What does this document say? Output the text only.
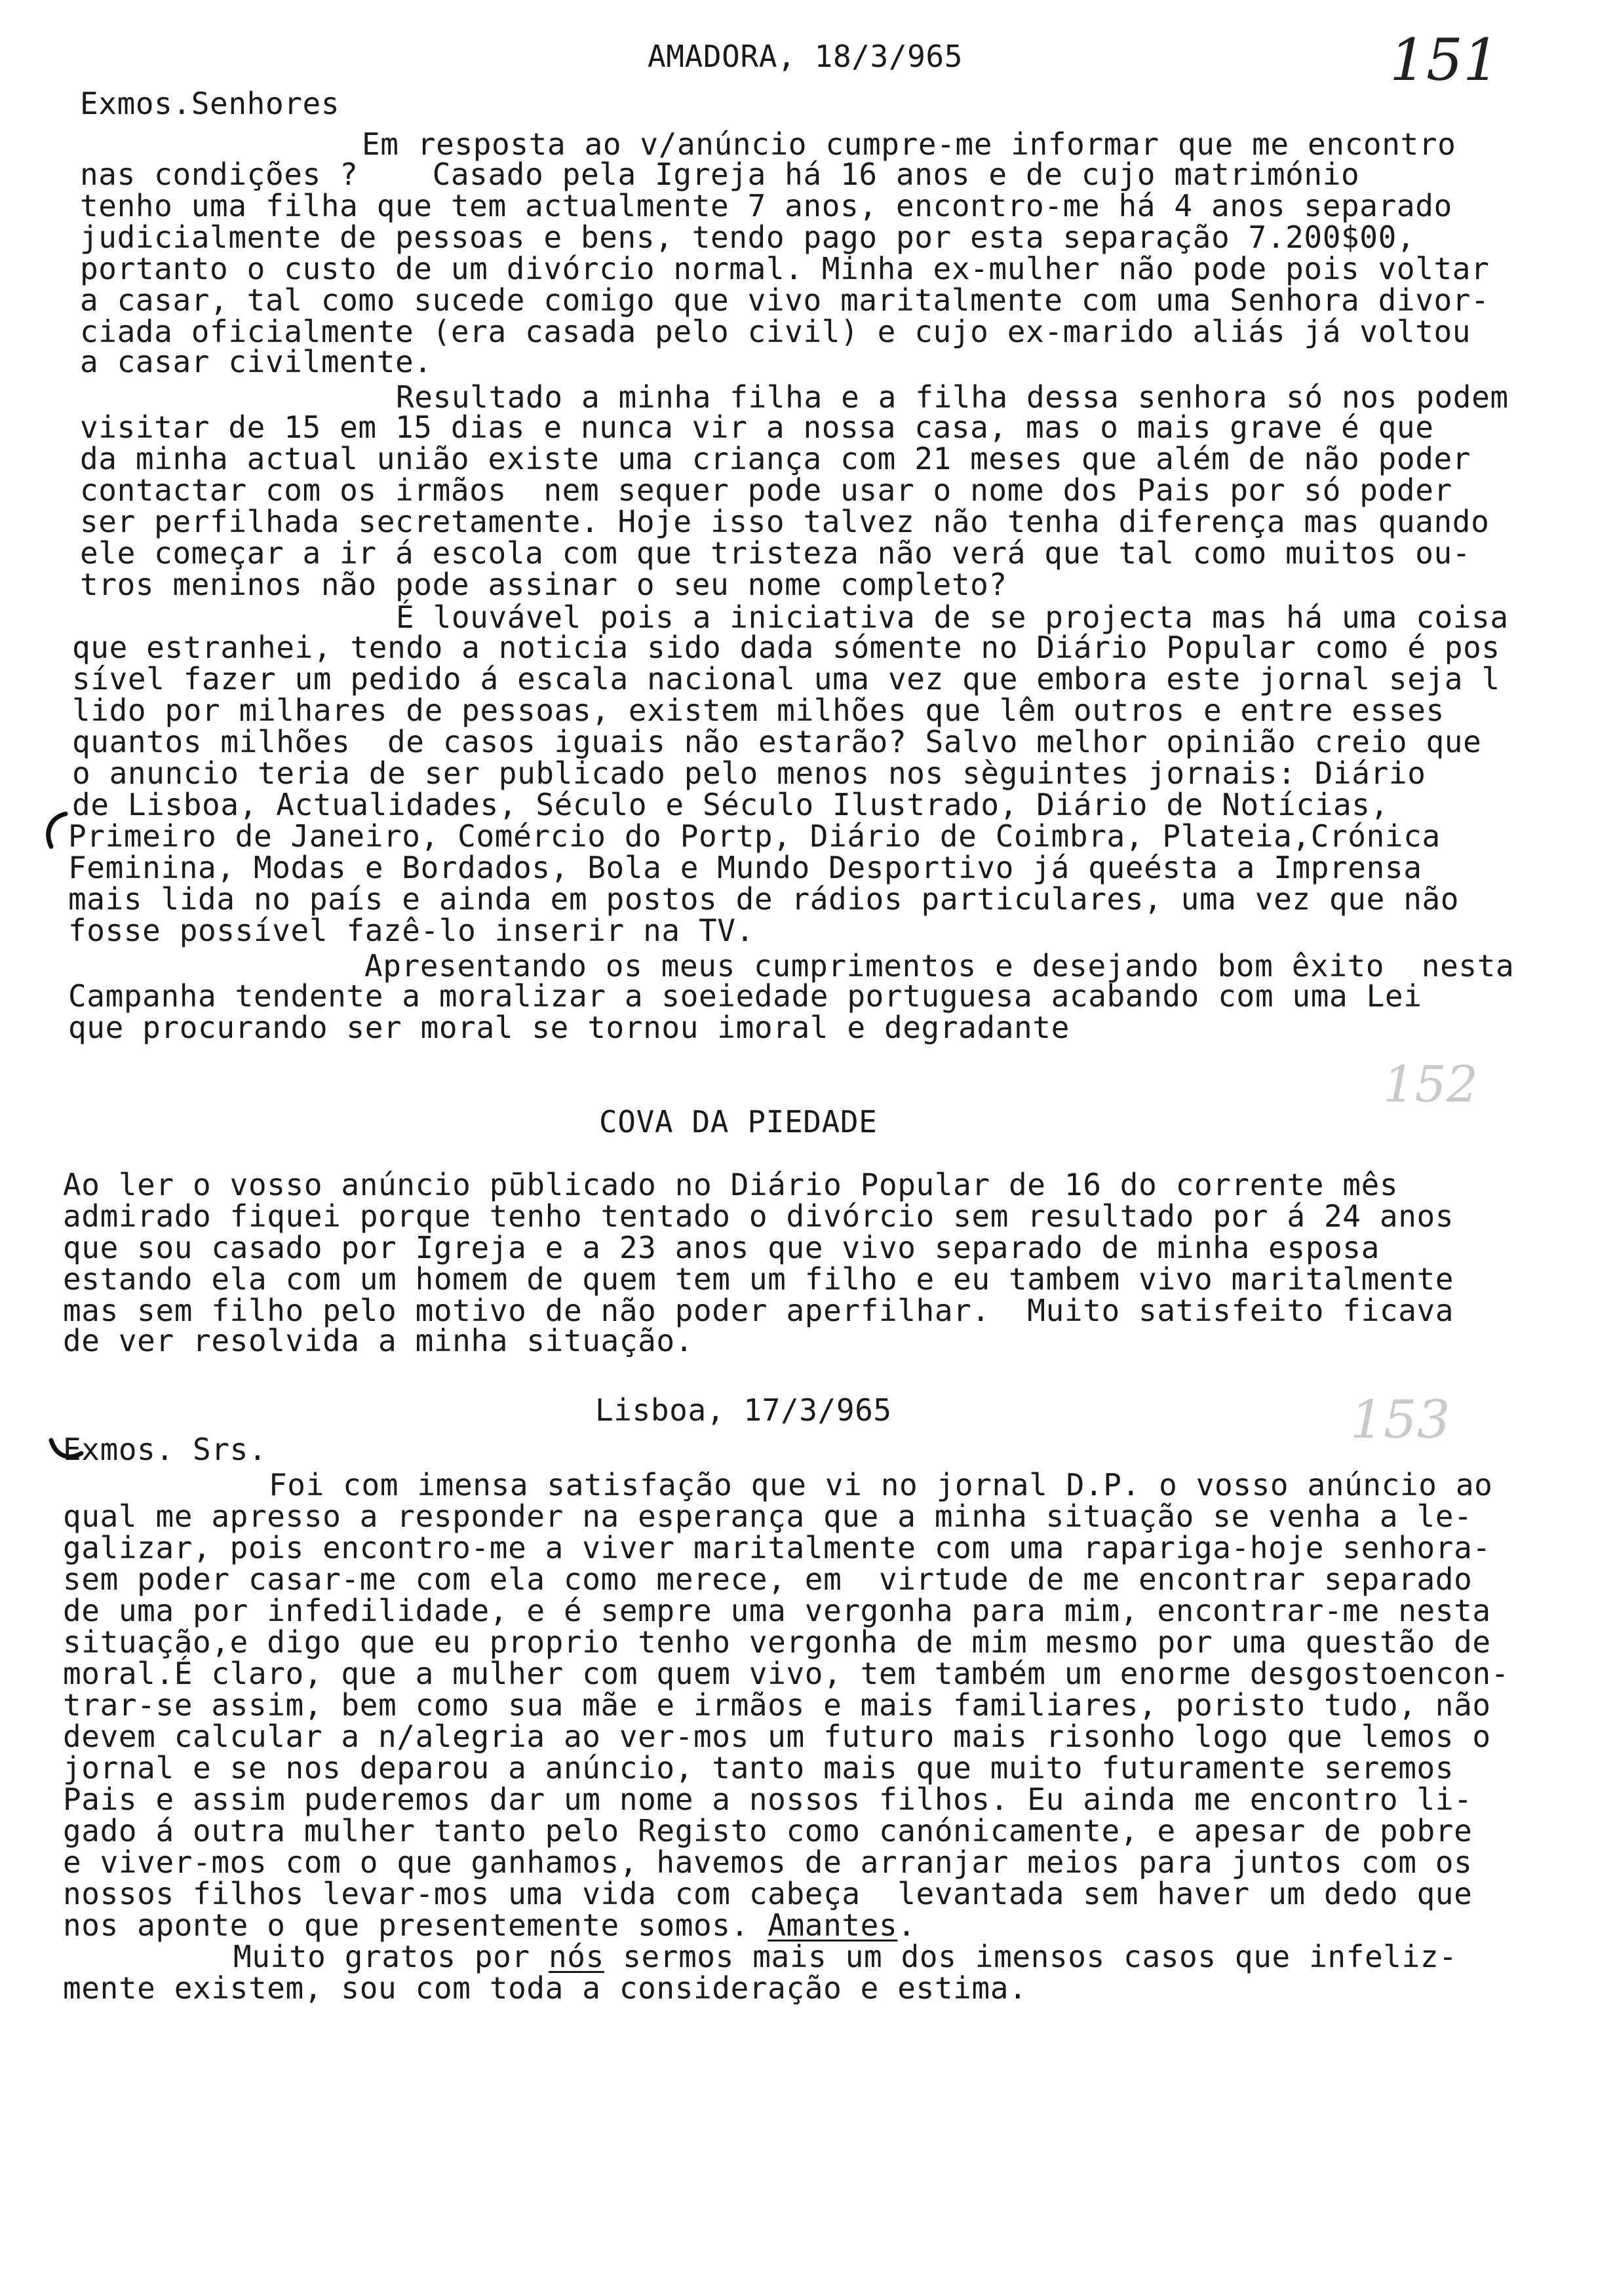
AMADORA, 18/3/965	151
Exmos.Senhores
Em resposta ao v/anúncio cumpre-me informar que me encontro
nas condições ?    Casado pela Igreja há 16 anos e de cujo matrimónio
tenho uma filha que tem actualmente 7 anos, encontro-me há 4 anos separado
judicialmente de pessoas e bens, tendo pago por esta separação 7.200$00,
portanto o custo de um divórcio normal. Minha ex-mulher não pode pois voltar
a casar, tal como sucede comigo que vivo maritalmente com uma Senhora divor-
ciada oficialmente (era casada pelo civil) e cujo ex-marido aliás já voltou
a casar civilmente.
Resultado a minha filha e a filha dessa senhora só nos podem
visitar de 15 em 15 dias e nunca vir a nossa casa, mas o mais grave é que
da minha actual união existe uma criança com 21 meses que além de não poder
contactar com os irmãos  nem sequer pode usar o nome dos Pais por só poder
ser perfilhada secretamente. Hoje isso talvez não tenha diferença mas quando
ele começar a ir á escola com que tristeza não verá que tal como muitos ou-
tros meninos não pode assinar o seu nome completo?
É louvável pois a iniciativa de se projecta mas há uma coisa
que estranhei, tendo a noticia sido dada sómente no Diário Popular como é pos
sível fazer um pedido á escala nacional uma vez que embora este jornal seja l
lido por milhares de pessoas, existem milhões que lêm outros e entre esses
quantos milhões  de casos iguais não estarão? Salvo melhor opinião creio que
o anuncio teria de ser publicado pelo menos nos sèguintes jornais: Diário
de Lisboa, Actualidades, Século e Século Ilustrado, Diário de Notícias,
Primeiro de Janeiro, Comércio do Portp, Diário de Coimbra, Plateia,Crónica
Feminina, Modas e Bordados, Bola e Mundo Desportivo já queésta a Imprensa
mais lida no país e ainda em postos de rádios particulares, uma vez que não
fosse possível fazê-lo inserir na TV.
Apresentando os meus cumprimentos e desejando bom êxito  nesta
Campanha tendente a moralizar a soeiedade portuguesa acabando com uma Lei
que procurando ser moral se tornou imoral e degradante
152
COVA DA PIEDADE
Ao ler o vosso anúncio pūblicado no Diário Popular de 16 do corrente mês
admirado fiquei porque tenho tentado o divórcio sem resultado por á 24 anos
que sou casado por Igreja e a 23 anos que vivo separado de minha esposa
estando ela com um homem de quem tem um filho e eu tambem vivo maritalmente
mas sem filho pelo motivo de não poder aperfilhar.  Muito satisfeito ficava
de ver resolvida a minha situação.
Lisboa, 17/3/965	153
Exmos. Srs.
Foi com imensa satisfação que vi no jornal D.P. o vosso anúncio ao
qual me apresso a responder na esperança que a minha situação se venha a le-
galizar, pois encontro-me a viver maritalmente com uma rapariga-hoje senhora-
sem poder casar-me com ela como merece, em  virtude de me encontrar separado
de uma por infedilidade, e é sempre uma vergonha para mim, encontrar-me nesta
situação,e digo que eu proprio tenho vergonha de mim mesmo por uma questão de
moral.É claro, que a mulher com quem vivo, tem também um enorme desgostoencon-
trar-se assim, bem como sua mãe e irmãos e mais familiares, poristo tudo, não
devem calcular a n/alegria ao ver-mos um futuro mais risonho logo que lemos o
jornal e se nos deparou a anúncio, tanto mais que muito futuramente seremos
Pais e assim puderemos dar um nome a nossos filhos. Eu ainda me encontro li-
gado á outra mulher tanto pelo Registo como canónicamente, e apesar de pobre
e viver-mos com o que ganhamos, havemos de arranjar meios para juntos com os
nossos filhos levar-mos uma vida com cabeça  levantada sem haver um dedo que
nos aponte o que presentemente somos. Amantes.
Muito gratos por nós sermos mais um dos imensos casos que infeliz-
mente existem, sou com toda a consideração e estima.
